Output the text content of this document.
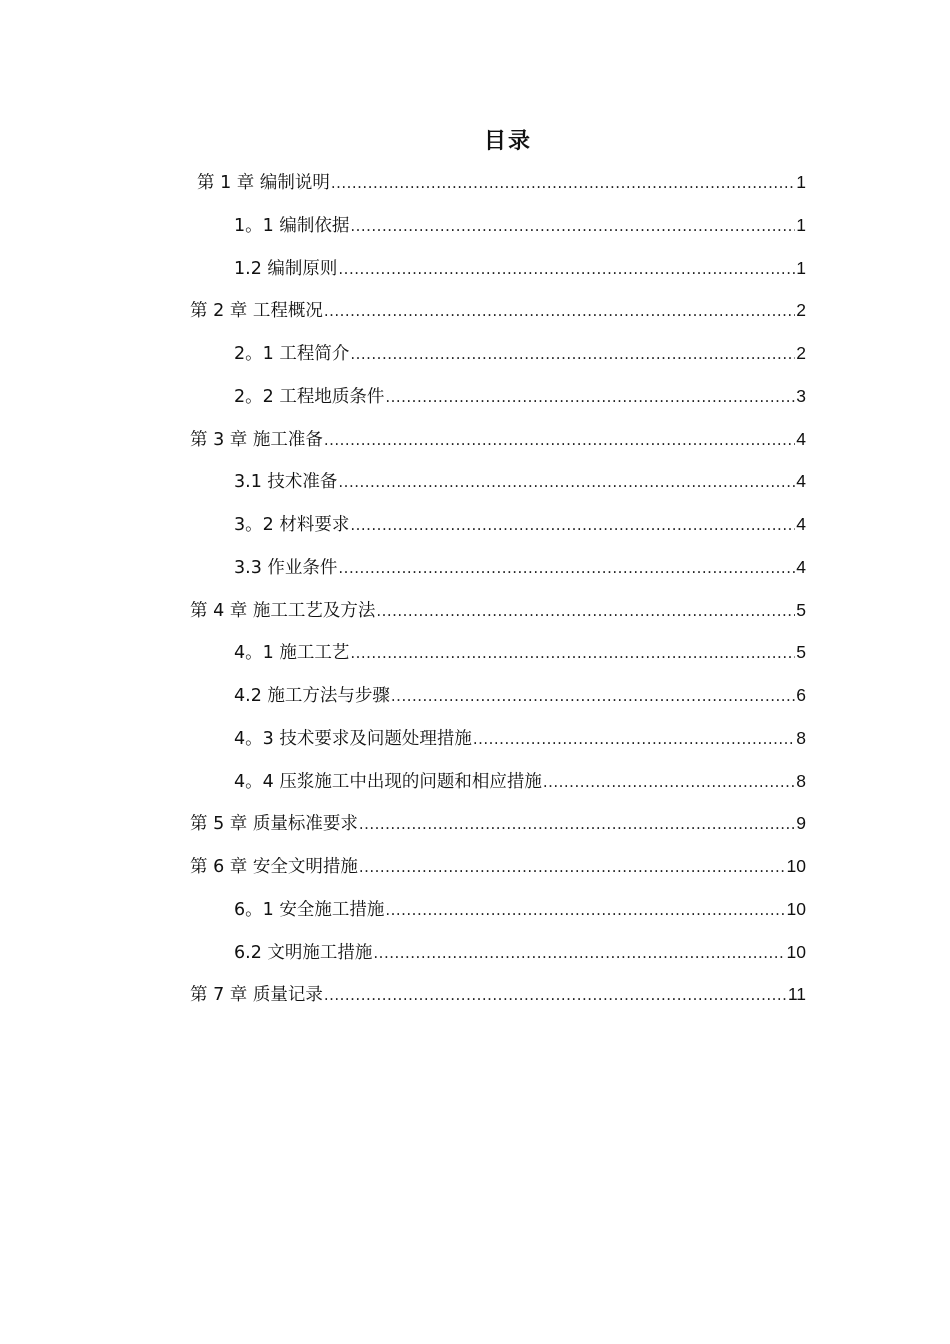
目录
第 1 章 编制说明 .....	1
1。1 编制依据 .....	1
1.2 编制原则 .....	1
第 2 章 工程概况 .....	2
2。1 工程简介 .....	2
2。2 工程地质条件 .....	3
第 3 章 施工准备 .....	4
3.1 技术准备 .....	4
3。2 材料要求 .....	4
3.3 作业条件 .....	4
第 4 章 施工工艺及方法 .....	5
4。1 施工工艺 .....	5
4.2 施工方法与步骤 .....	6
4。3 技术要求及问题处理措施 .....	8
4。4 压浆施工中出现的问题和相应措施 .....	8
第 5 章 质量标准要求 .....	9
第 6 章 安全文明措施 .....	10
6。1 安全施工措施 .....	10
6.2 文明施工措施 .....	10
第 7 章 质量记录 .....	11
